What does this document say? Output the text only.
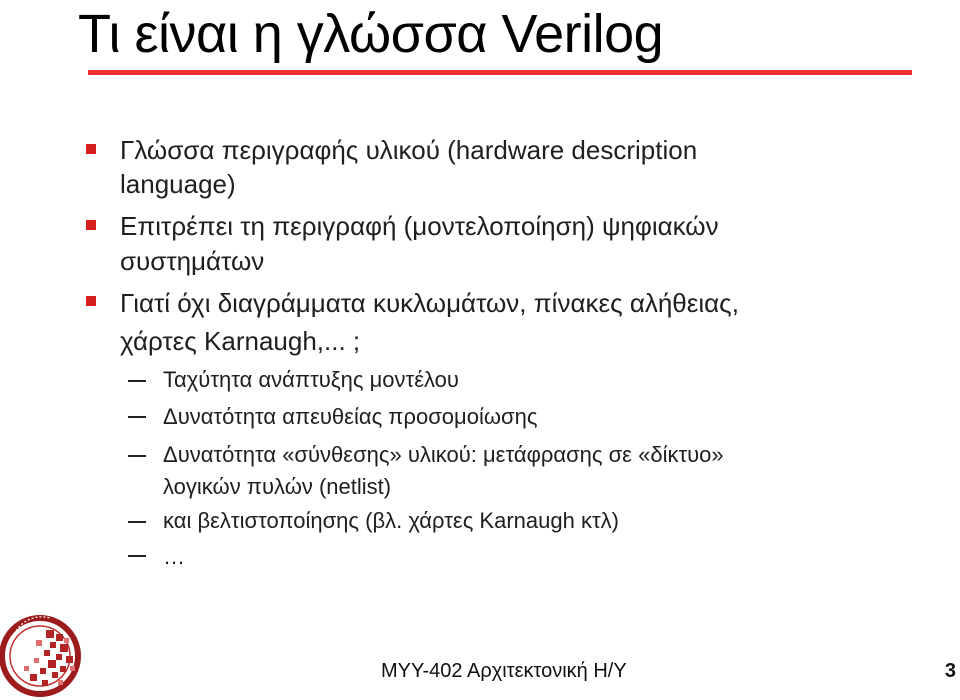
Τι είναι η γλώσσα Verilog
Γλώσσα περιγραφής υλικού (hardware description
language)
Επιτρέπει τη περιγραφή (μοντελοποίηση) ψηφιακών
συστημάτων
Γιατί όχι διαγράμματα κυκλωμάτων, πίνακες αλήθειας,
χάρτες Karnaugh,... ;
Ταχύτητα ανάπτυξης μοντέλου
Δυνατότητα απευθείας προσομοίωσης
Δυνατότητα «σύνθεσης» υλικού: μετάφρασης σε «δίκτυο»
λογικών πυλών (netlist)
και βελτιστοποίησης (βλ. χάρτες Karnaugh κτλ)
…
ΜΥΥ-402 Αρχιτεκτονική Η/Υ	3
